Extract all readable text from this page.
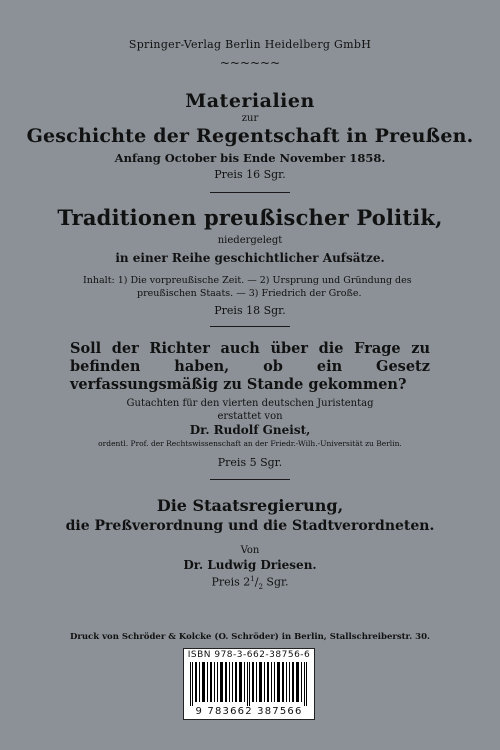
Springer-Verlag Berlin Heidelberg GmbH
~~~~~~
Materialien
zur
Geschichte der Regentschaft in Preußen.
Anfang October bis Ende November 1858.
Preis 16 Sgr.
Traditionen preußischer Politik,
niedergelegt
in einer Reihe geschichtlicher Aufsätze.
Inhalt: 1) Die vorpreußische Zeit. — 2) Ursprung und Gründung des
preußischen Staats. — 3) Friedrich der Große.
Preis 18 Sgr.
Soll der Richter auch über die Frage zu befinden haben, ob ein Gesetz verfassungsmäßig zu Stande gekommen?
Gutachten für den vierten deutschen Juristentag
erstattet von
Dr. Rudolf Gneist,
ordentl. Prof. der Rechtswissenschaft an der Friedr.-Wilh.-Universität zu Berlin.
Preis 5 Sgr.
Die Staatsregierung,
die Preßverordnung und die Stadtverordneten.
Von
Dr. Ludwig Driesen.
Preis $2^1/_2$ Sgr.
Druck von Schröder & Kolcke (O. Schröder) in Berlin, Stallschreiberstr. 30.
ISBN 978-3-662-38756-6
9 783662 387566
